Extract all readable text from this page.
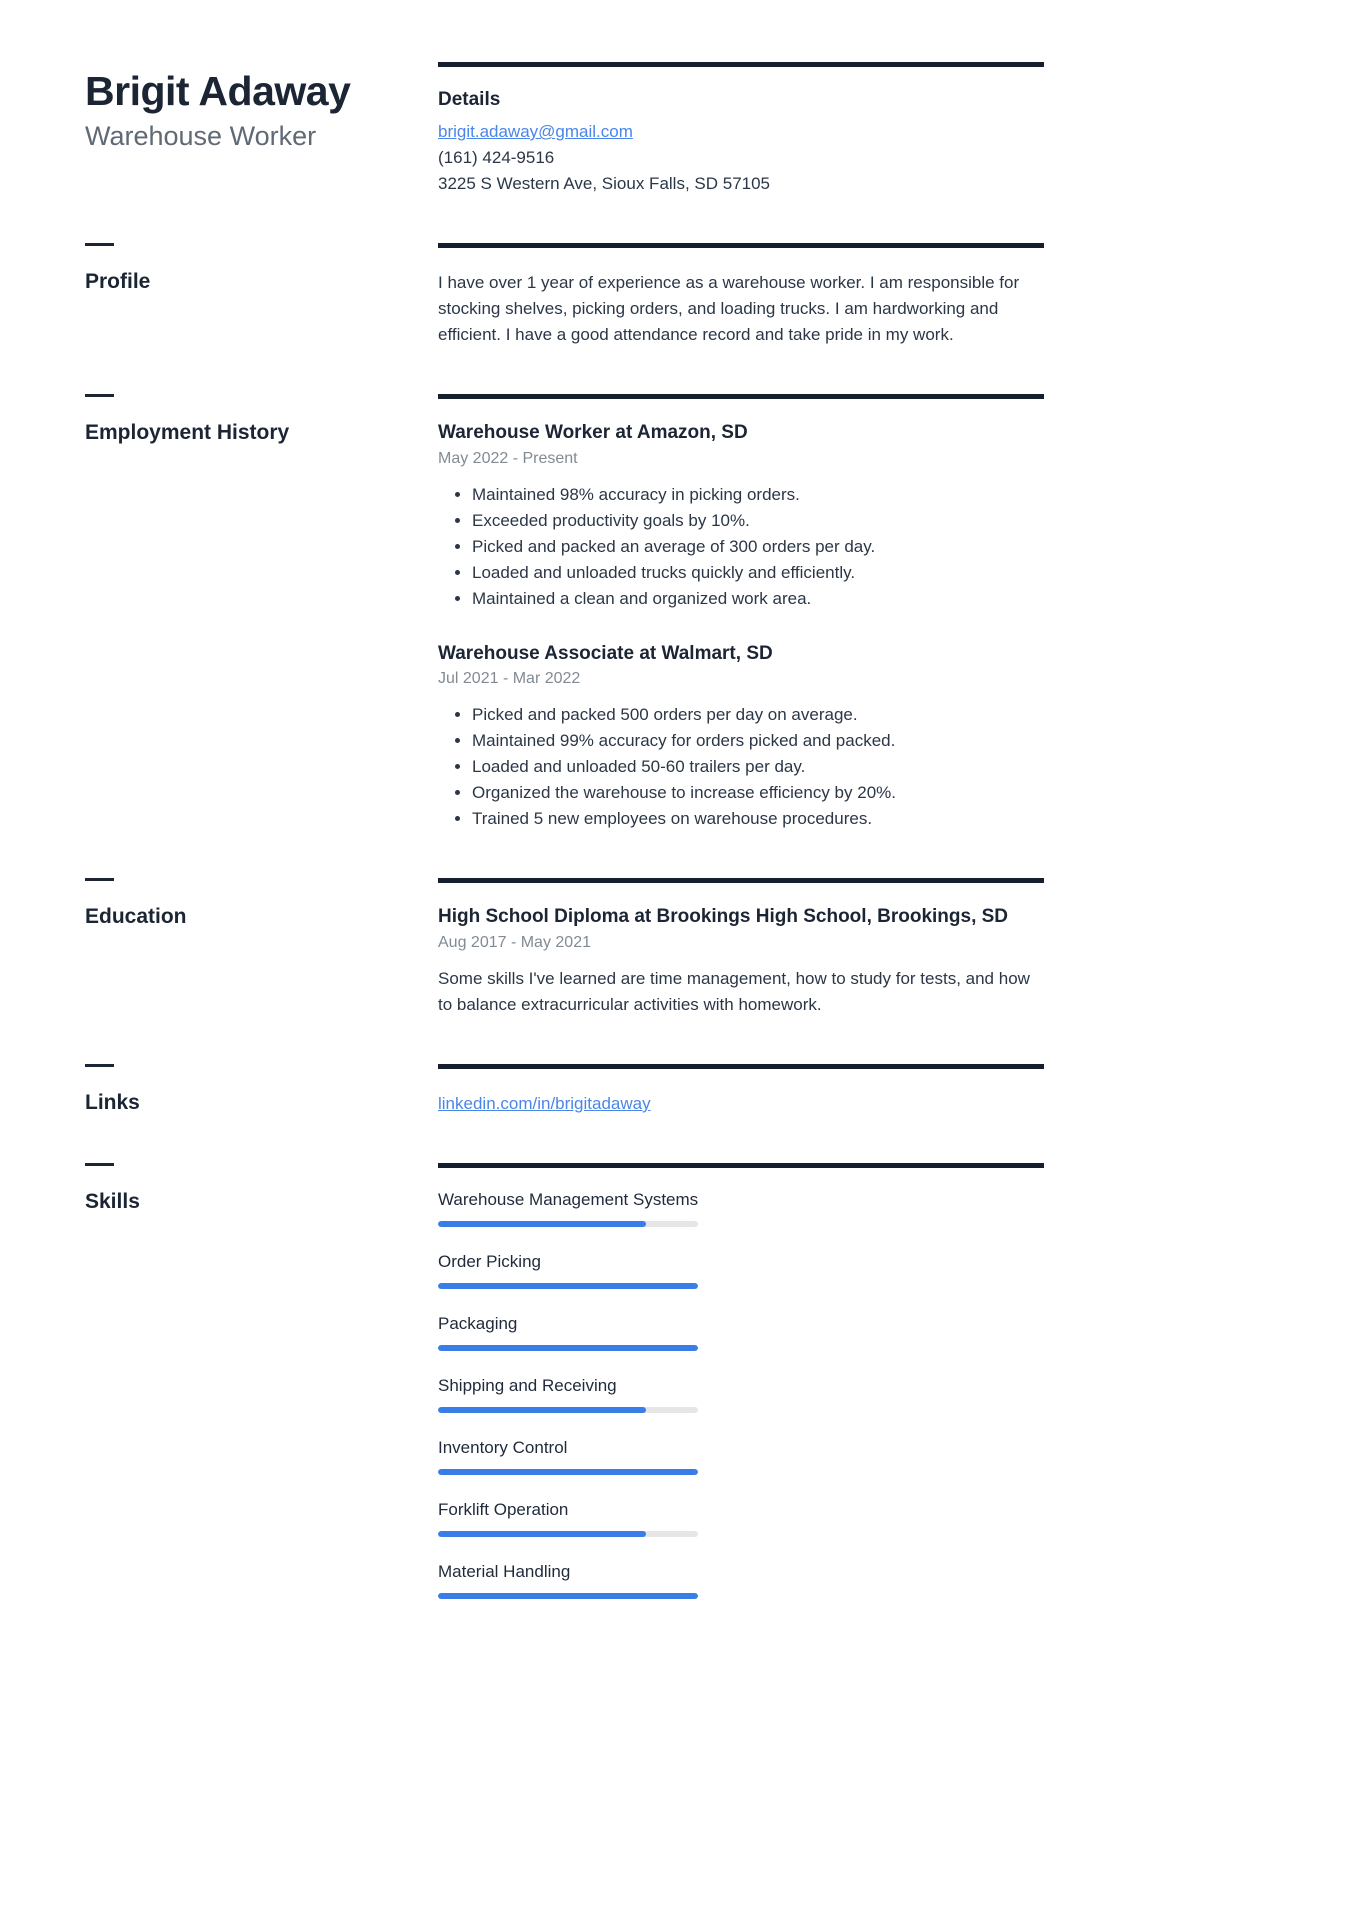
Brigit Adaway
Warehouse Worker
Details
brigit.adaway@gmail.com
(161) 424-9516
3225 S Western Ave, Sioux Falls, SD 57105
Profile	I have over 1 year of experience as a warehouse worker. I am responsible for stocking shelves, picking orders, and loading trucks. I am hardworking and efficient. I have a good attendance record and take pride in my work.

Employment History	Warehouse Worker at Amazon, SD
May 2022 - Present
• Maintained 98% accuracy in picking orders.
• Exceeded productivity goals by 10%.
• Picked and packed an average of 300 orders per day.
• Loaded and unloaded trucks quickly and efficiently.
• Maintained a clean and organized work area.
Warehouse Associate at Walmart, SD
Jul 2021 - Mar 2022
• Picked and packed 500 orders per day on average.
• Maintained 99% accuracy for orders picked and packed.
• Loaded and unloaded 50-60 trailers per day.
• Organized the warehouse to increase efficiency by 20%.
• Trained 5 new employees on warehouse procedures.
Education	High School Diploma at Brookings High School, Brookings, SD
Aug 2017 - May 2021

Some skills I've learned are time management, how to study for tests, and how to balance extracurricular activities with homework.

Links	linkedin.com/in/brigitadaway
Skills	Warehouse Management Systems
Order Picking
Packaging
Shipping and Receiving
Inventory Control
Forklift Operation
Material Handling
